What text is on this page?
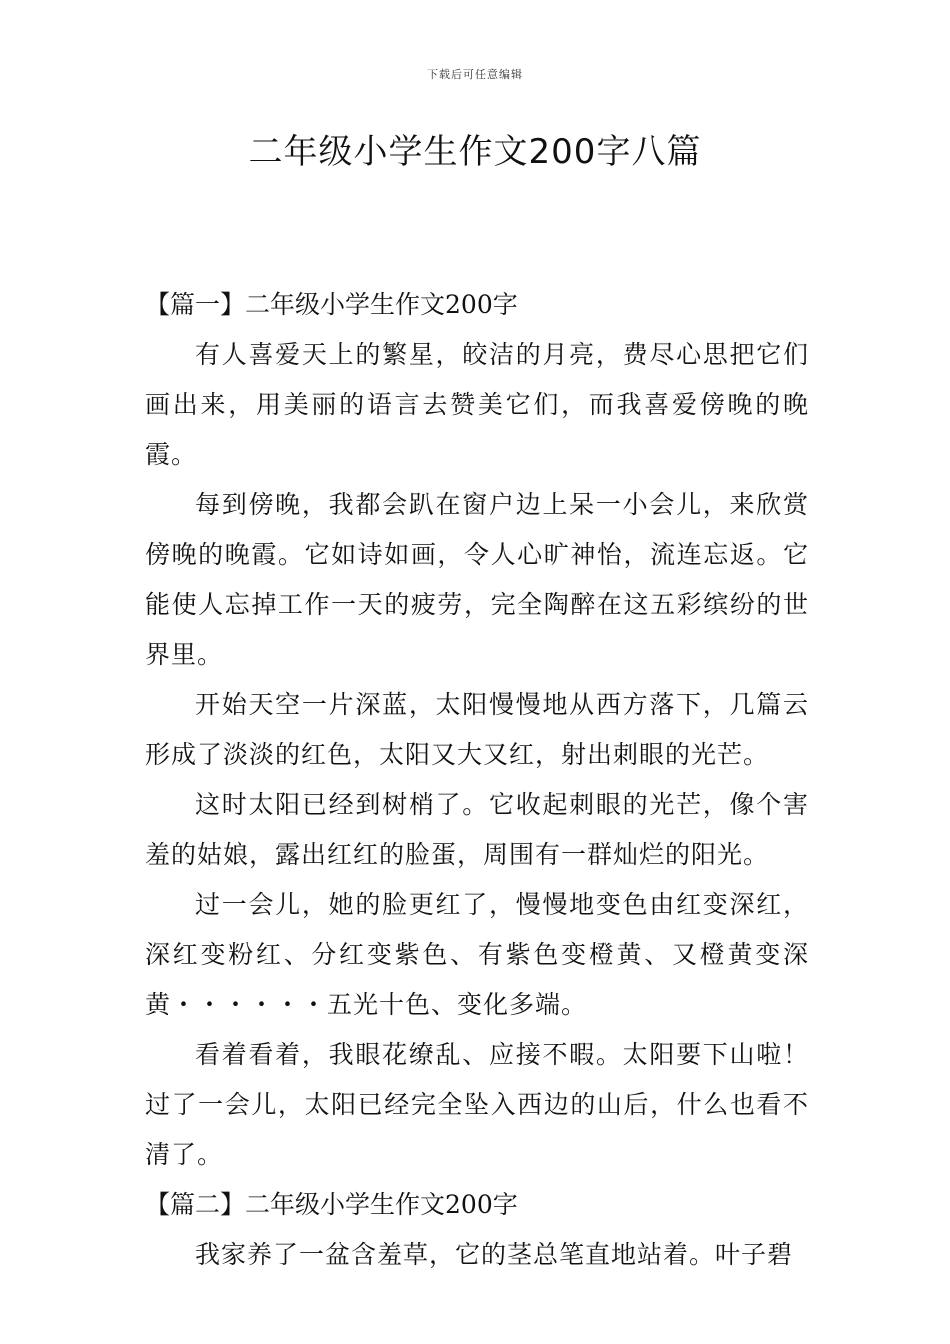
下载后可任意编辑
二年级小学生作文200字八篇
【篇一】二年级小学生作文200字

有人喜爱天上的繁星，皎洁的月亮，费尽心思把它们画出来，用美丽的语言去赞美它们，而我喜爱傍晚的晚霞。

每到傍晚，我都会趴在窗户边上呆一小会儿，来欣赏傍晚的晚霞。它如诗如画，令人心旷神怡，流连忘返。它能使人忘掉工作一天的疲劳，完全陶醉在这五彩缤纷的世界里。

开始天空一片深蓝，太阳慢慢地从西方落下，几篇云形成了淡淡的红色，太阳又大又红，射出刺眼的光芒。

这时太阳已经到树梢了。它收起刺眼的光芒，像个害羞的姑娘，露出红红的脸蛋，周围有一群灿烂的阳光。

过一会儿，她的脸更红了，慢慢地变色由红变深红，深红变粉红、分红变紫色、有紫色变橙黄、又橙黄变深黄・・・・・・五光十色、变化多端。

看着看着，我眼花缭乱、应接不暇。太阳要下山啦！过了一会儿，太阳已经完全坠入西边的山后，什么也看不清了。

【篇二】二年级小学生作文200字

我家养了一盆含羞草，它的茎总笔直地站着。叶子碧
